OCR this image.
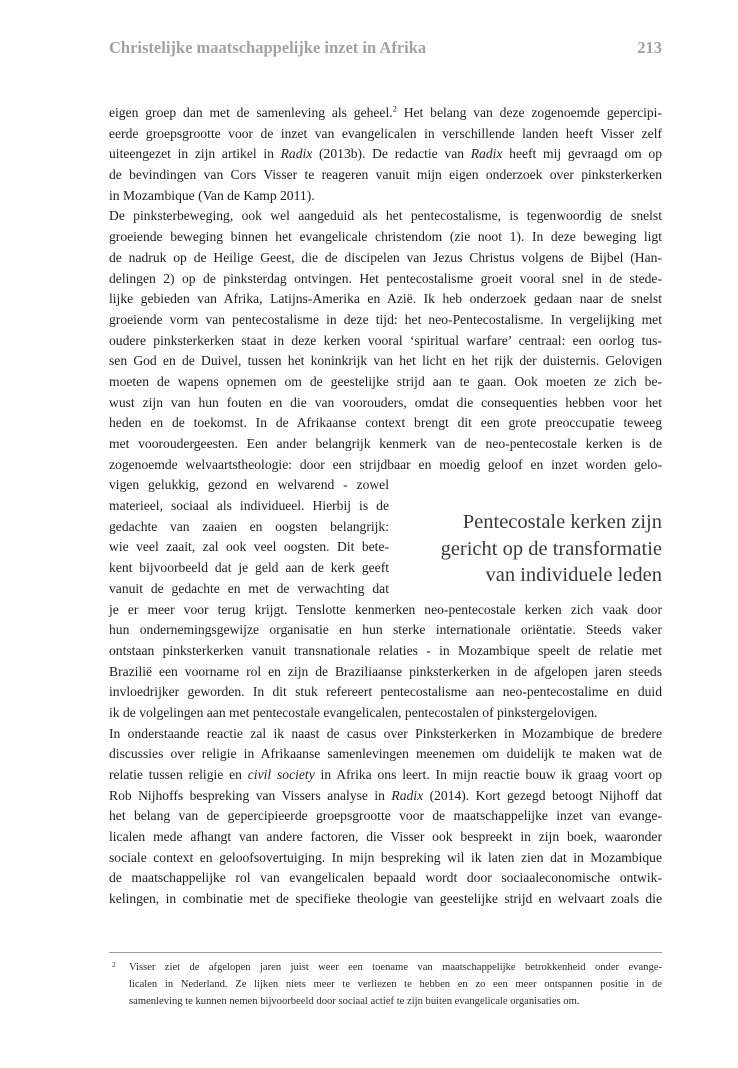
Christelijke maatschappelijke inzet in Afrika	213
eigen groep dan met de samenleving als geheel.$^2$ Het belang van deze zogenoemde gepercipi-
eerde groepsgrootte voor de inzet van evangelicalen in verschillende landen heeft Visser zelf
uiteengezet in zijn artikel in Radix (2013b). De redactie van Radix heeft mij gevraagd om op
de bevindingen van Cors Visser te reageren vanuit mijn eigen onderzoek over pinksterkerken
in Mozambique (Van de Kamp 2011).
De pinksterbeweging, ook wel aangeduid als het pentecostalisme, is tegenwoordig de snelst
groeiende beweging binnen het evangelicale christendom (zie noot 1). In deze beweging ligt
de nadruk op de Heilige Geest, die de discipelen van Jezus Christus volgens de Bijbel (Han-
delingen 2) op de pinksterdag ontvingen. Het pentecostalisme groeit vooral snel in de stede-
lijke gebieden van Afrika, Latijns-Amerika en Azië. Ik heb onderzoek gedaan naar de snelst
groeiende vorm van pentecostalisme in deze tijd: het neo-Pentecostalisme. In vergelijking met
oudere pinksterkerken staat in deze kerken vooral ‘spiritual warfare’ centraal: een oorlog tus-
sen God en de Duivel, tussen het koninkrijk van het licht en het rijk der duisternis. Gelovigen
moeten de wapens opnemen om de geestelijke strijd aan te gaan. Ook moeten ze zich be-
wust zijn van hun fouten en die van voorouders, omdat die consequenties hebben voor het
heden en de toekomst. In de Afrikaanse context brengt dit een grote preoccupatie teweeg
met vooroudergeesten. Een ander belangrijk kenmerk van de neo-pentecostale kerken is de
zogenoemde welvaartstheologie: door een strijdbaar en moedig geloof en inzet worden gelo-
vigen gelukkig, gezond en welvarend - zowel
materieel, sociaal als individueel. Hierbij is de
gedachte van zaaien en oogsten belangrijk:
wie veel zaait, zal ook veel oogsten. Dit bete-
kent bijvoorbeeld dat je geld aan de kerk geeft
vanuit de gedachte en met de verwachting dat
je er meer voor terug krijgt. Tenslotte kenmerken neo-pentecostale kerken zich vaak door
hun ondernemingsgewijze organisatie en hun sterke internationale oriëntatie. Steeds vaker
ontstaan pinksterkerken vanuit transnationale relaties - in Mozambique speelt de relatie met
Brazilië een voorname rol en zijn de Braziliaanse pinksterkerken in de afgelopen jaren steeds
invloedrijker geworden. In dit stuk refereert pentecostalisme aan neo-pentecostalime en duid
ik de volgelingen aan met pentecostale evangelicalen, pentecostalen of pinkstergelovigen.
In onderstaande reactie zal ik naast de casus over Pinksterkerken in Mozambique de bredere
discussies over religie in Afrikaanse samenlevingen meenemen om duidelijk te maken wat de
relatie tussen religie en civil society in Afrika ons leert. In mijn reactie bouw ik graag voort op
Rob Nijhoffs bespreking van Vissers analyse in Radix (2014). Kort gezegd betoogt Nijhoff dat
het belang van de gepercipieerde groepsgrootte voor de maatschappelijke inzet van evange-
licalen mede afhangt van andere factoren, die Visser ook bespreekt in zijn boek, waaronder
sociale context en geloofsovertuiging. In mijn bespreking wil ik laten zien dat in Mozambique
de maatschappelijke rol van evangelicalen bepaald wordt door sociaaleconomische ontwik-
kelingen, in combinatie met de specifieke theologie van geestelijke strijd en welvaart zoals die
Pentecostale kerken zijn
gericht op de transformatie
van individuele leden
2 Visser ziet de afgelopen jaren juist weer een toename van maatschappelijke betrokkenheid onder evange-
licalen in Nederland. Ze lijken niets meer te verliezen te hebben en zo een meer ontspannen positie in de
samenleving te kunnen nemen bijvoorbeeld door sociaal actief te zijn buiten evangelicale organisaties om.
